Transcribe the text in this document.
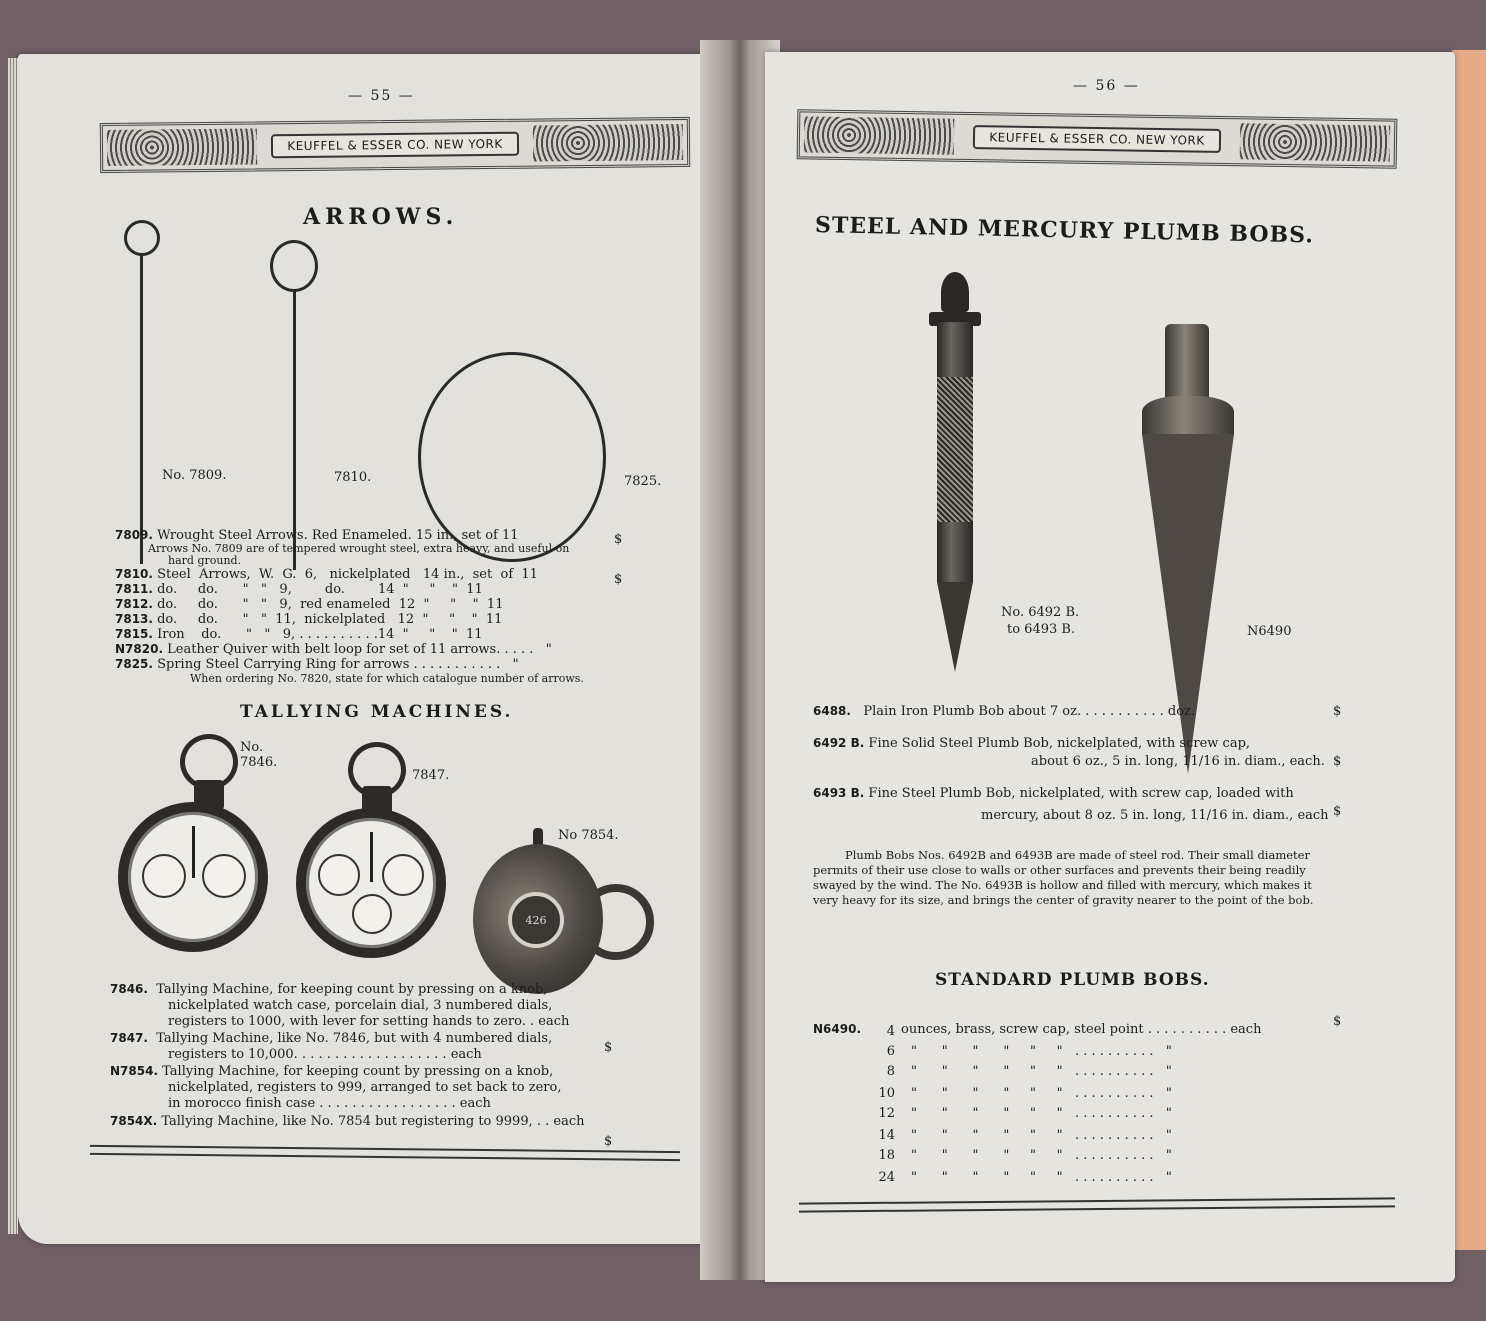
— 55 —
KEUFFEL & ESSER CO. NEW YORK
ARROWS.
No. 7809.	7810.	7825.
7809. Wrought Steel Arrows. Red Enameled. 15 in., set of 11	$
Arrows No. 7809 are of tempered wrought steel, extra heavy, and useful on
hard ground.
7810. Steel  Arrows,  W.  G.  6,   nickelplated   14 in.,  set  of  11	$
7811. do.     do.      "   "   9,        do.        14  "     "    "  11
7812. do.     do.      "   "   9,  red enameled  12  "     "    "  11
7813. do.     do.      "   "  11,  nickelplated   12  "     "    "  11
7815. Iron    do.      "   "   9, . . . . . . . . . .14  "     "    "  11
N7820. Leather Quiver with belt loop for set of 11 arrows. . . . .   "
7825. Spring Steel Carrying Ring for arrows . . . . . . . . . . .   "
When ordering No. 7820, state for which catalogue number of arrows.
TALLYING MACHINES.
No. 7846.
7847.
426
No 7854.
7846. Tallying Machine, for keeping count by pressing on a knob,
nickelplated watch case, porcelain dial, 3 numbered dials,
registers to 1000, with lever for setting hands to zero. . each
7847. Tallying Machine, like No. 7846, but with 4 numbered dials,
$
registers to 10,000. . . . . . . . . . . . . . . . . . . each
N7854. Tallying Machine, for keeping count by pressing on a knob,
nickelplated, registers to 999, arranged to set back to zero,
in morocco finish case . . . . . . . . . . . . . . . . . each
7854X. Tallying Machine, like No. 7854 but registering to 9999, . . each
$
— 56 —
KEUFFEL & ESSER CO. NEW YORK
STEEL AND MERCURY PLUMB BOBS.
No. 6492 B.
to 6493 B.	N6490
6488. Plain Iron Plumb Bob about 7 oz. . . . . . . . . . . doz.	$
6492 B. Fine Solid Steel Plumb Bob, nickelplated, with screw cap,
about 6 oz., 5 in. long, 11/16 in. diam., each. $
6493 B. Fine Steel Plumb Bob, nickelplated, with screw cap, loaded with
mercury, about 8 oz. 5 in. long, 11/16 in. diam., each $
Plumb Bobs Nos. 6492B and 6493B are made of steel rod. Their small diameter
permits of their use close to walls or other surfaces and prevents their being readily
swayed by the wind. The No. 6493B is hollow and filled with mercury, which makes it
very heavy for its size, and brings the center of gravity nearer to the point of the bob.
STANDARD PLUMB BOBS.
N6490.	$
4 ounces, brass, screw cap, steel point . . . . . . . . . . each
6 "      "      "      "     "     "   . . . . . . . . . .   "
8 "      "      "      "     "     "   . . . . . . . . . .   "
10 "      "      "      "     "     "   . . . . . . . . . .   "
12 "      "      "      "     "     "   . . . . . . . . . .   "
14 "      "      "      "     "     "   . . . . . . . . . .   "
18 "      "      "      "     "     "   . . . . . . . . . .   "
24 "      "      "      "     "     "   . . . . . . . . . .   "
